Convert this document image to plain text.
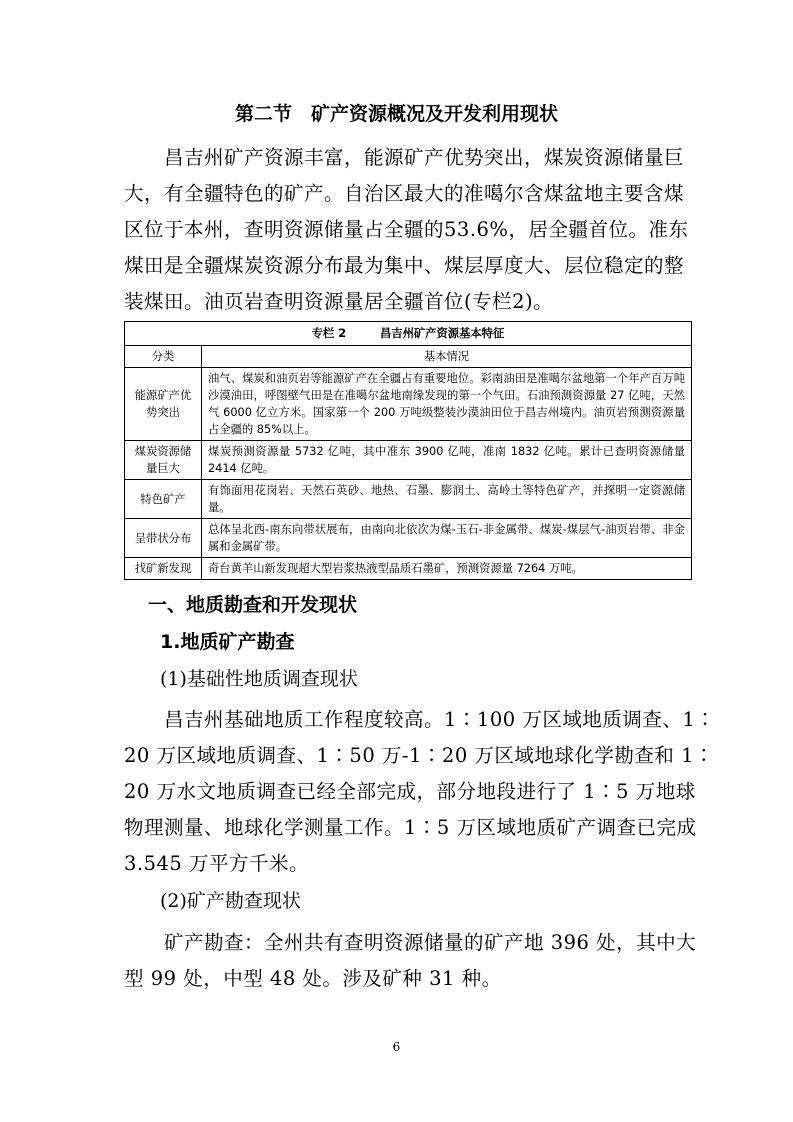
第二节　矿产资源概况及开发利用现状
　　昌吉州矿产资源丰富，能源矿产优势突出，煤炭资源储量巨
大，有全疆特色的矿产。自治区最大的准噶尔含煤盆地主要含煤
区位于本州，查明资源储量占全疆的53.6%，居全疆首位。准东
煤田是全疆煤炭资源分布最为集中、煤层厚度大、层位稳定的整
装煤田。油页岩查明资源量居全疆首位(专栏2)。
专栏 2　　　昌吉州矿产资源基本特征	
分类	基本情况
能源矿产优势突出	油气、煤炭和油页岩等能源矿产在全疆占有重要地位。彩南油田是准噶尔盆地第一个年产百万吨沙漠油田，呼图壁气田是在准噶尔盆地南缘发现的第一个气田。石油预测资源量 27 亿吨，天然气 6000 亿立方米。国家第一个 200 万吨级整装沙漠油田位于昌吉州境内。油页岩预测资源量占全疆的 85%以上。
煤炭资源储量巨大	煤炭预测资源量 5732 亿吨，其中准东 3900 亿吨，准南 1832 亿吨。累计已查明资源储量 2414 亿吨。
特色矿产	有饰面用花岗岩、天然石英砂、地热、石墨、膨润土、高岭土等特色矿产，并探明一定资源储量。
呈带状分布	总体呈北西-南东向带状展布，由南向北依次为煤-玉石-非金属带、煤炭-煤层气-油页岩带、非金属和金属矿带。
找矿新发现	奇台黄羊山新发现超大型岩浆热液型晶质石墨矿，预测资源量 7264 万吨。
一、地质勘查和开发现状
1.地质矿产勘查
(1)基础性地质调查现状
　　昌吉州基础地质工作程度较高。1∶100 万区域地质调查、1∶
20 万区域地质调查、1∶50 万-1∶20 万区域地球化学勘查和 1∶
20 万水文地质调查已经全部完成，部分地段进行了 1∶5 万地球
物理测量、地球化学测量工作。1∶5 万区域地质矿产调查已完成
3.545 万平方千米。
(2)矿产勘查现状
　　矿产勘查：全州共有查明资源储量的矿产地 396 处，其中大
型 99 处，中型 48 处。涉及矿种 31 种。
6
